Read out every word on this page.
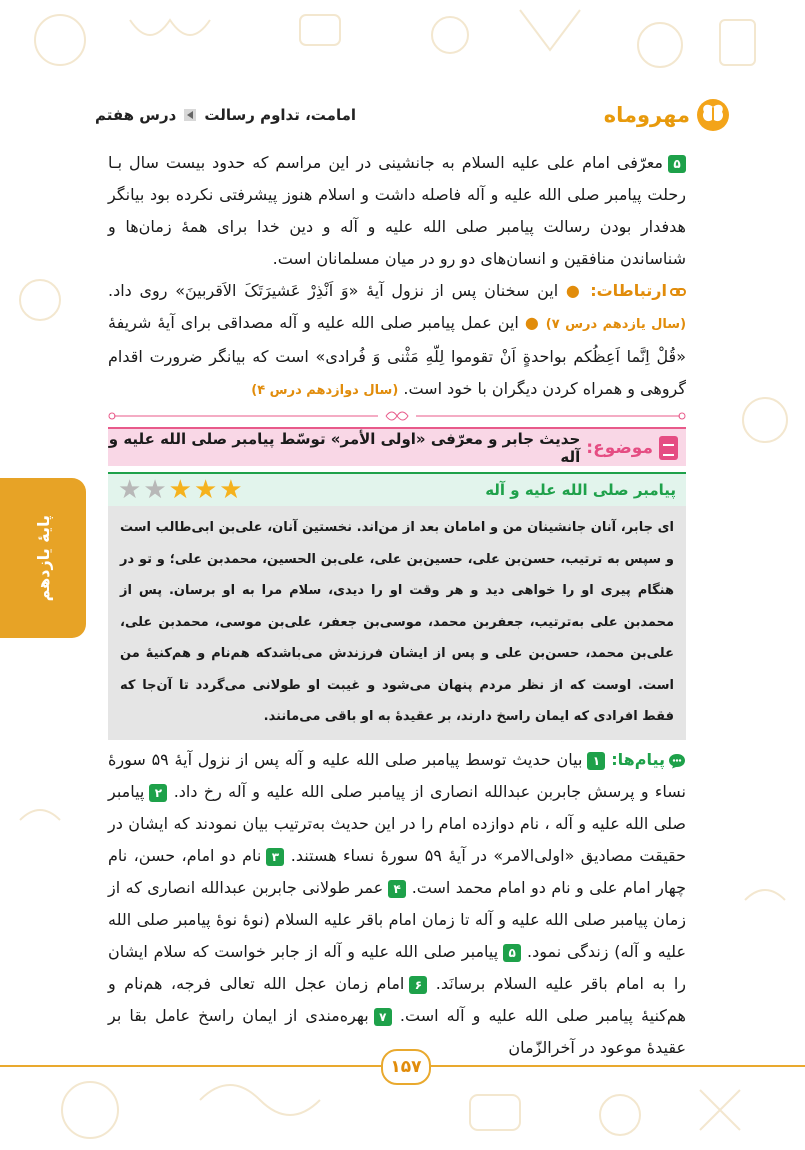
مهروماه
امامت، تداوم رسالت
درس هفتم
پایهٔ یازدهم
۵معرّفی امام علی علیه السلام به جانشینی در این مراسم که حدود بیست سال بـا رحلت پیامبر صلی الله علیه و آله فاصله داشت و اسلام هنوز پیشرفتی نکرده بود بیانگر هدفدار بودن رسالت پیامبر صلی الله علیه و آله و دین خدا برای همهٔ زمان‌ها و شناساندن منافقین و انسان‌های دو رو در میان مسلمانان است.
ارتباطات: ● این سخنان پس از نزول آیهٔ «وَ اَنْذِرْ عَشیرَتَکَ الاَقربینَ» روی داد. (سال یازدهم درس ۷) ● این عمل پیامبر صلی الله علیه و آله مصداقی برای آیهٔ شریفهٔ «قُلْ اِنَّما اَعِظُکم بواحدةٍ اَنْ تقوموا لِلّهِ مَثْنی وَ فُرادی» است که بیانگر ضرورت اقدام گروهی و همراه کردن دیگران با خود است. (سال دوازدهم درس ۴)
موضوع:
حدیث جابر و معرّفی «اولی الأمر» توسّط پیامبر صلی الله علیه و آله
پیامبر صلی الله علیه و آله
★ ★ ★ ★ ★
ای جابر، آنان جانشینان من و امامان بعد از من‌اند. نخستین آنان، علی‌بن ابی‌طالب است و سپس به ترتیب، حسن‌بن علی، حسین‌بن علی، علی‌بن الحسین، محمدبن علی؛ و تو در هنگام پیری او را خواهی دید و هر وقت او را دیدی، سلام مرا به او برسان. پس از محمدبن علی به‌ترتیب، جعفربن محمد، موسی‌بن جعفر، علی‌بن موسی، محمدبن علی، علی‌بن محمد، حسن‌بن علی و پس از ایشان فرزندش می‌باشدکه هم‌نام و هم‌کنیهٔ من است. اوست که از نظر مردم پنهان می‌شود و غیبت او طولانی می‌گردد تا آن‌جا که فقط افرادی که ایمان راسخ دارند، بر عقیدهٔ به او باقی می‌مانند.
پیام‌ها: ۱بیان حدیث توسط پیامبر صلی الله علیه و آله پس از نزول آیهٔ ۵۹ سورهٔ نساء و پرسش جابربن عبدالله انصاری از پیامبر صلی الله علیه و آله رخ داد. ۲پیامبر صلی الله علیه و آله ، نام دوازده امام را در این حدیث به‌ترتیب بیان نمودند که ایشان در حقیقت مصادیق «اولی‌الامر» در آیهٔ ۵۹ سورهٔ نساء هستند. ۳نام دو امام، حسن، نام چهار امام علی و نام دو امام محمد است. ۴عمر طولانی جابربن عبدالله انصاری که از زمان پیامبر صلی الله علیه و آله تا زمان امام باقر علیه السلام (نوهٔ نوهٔ پیامبر صلی الله علیه و آله) زندگی نمود. ۵پیامبر صلی الله علیه و آله از جابر خواست که سلام ایشان را به امام باقر علیه السلام برسانَد. ۶امام زمان عجل الله تعالی فرجه، هم‌نام و هم‌کنیهٔ پیامبر صلی الله علیه و آله است. ۷بهره‌مندی از ایمان راسخ عامل بقا بر عقیدهٔ موعود در آخرالزّمان
۱۵۷
